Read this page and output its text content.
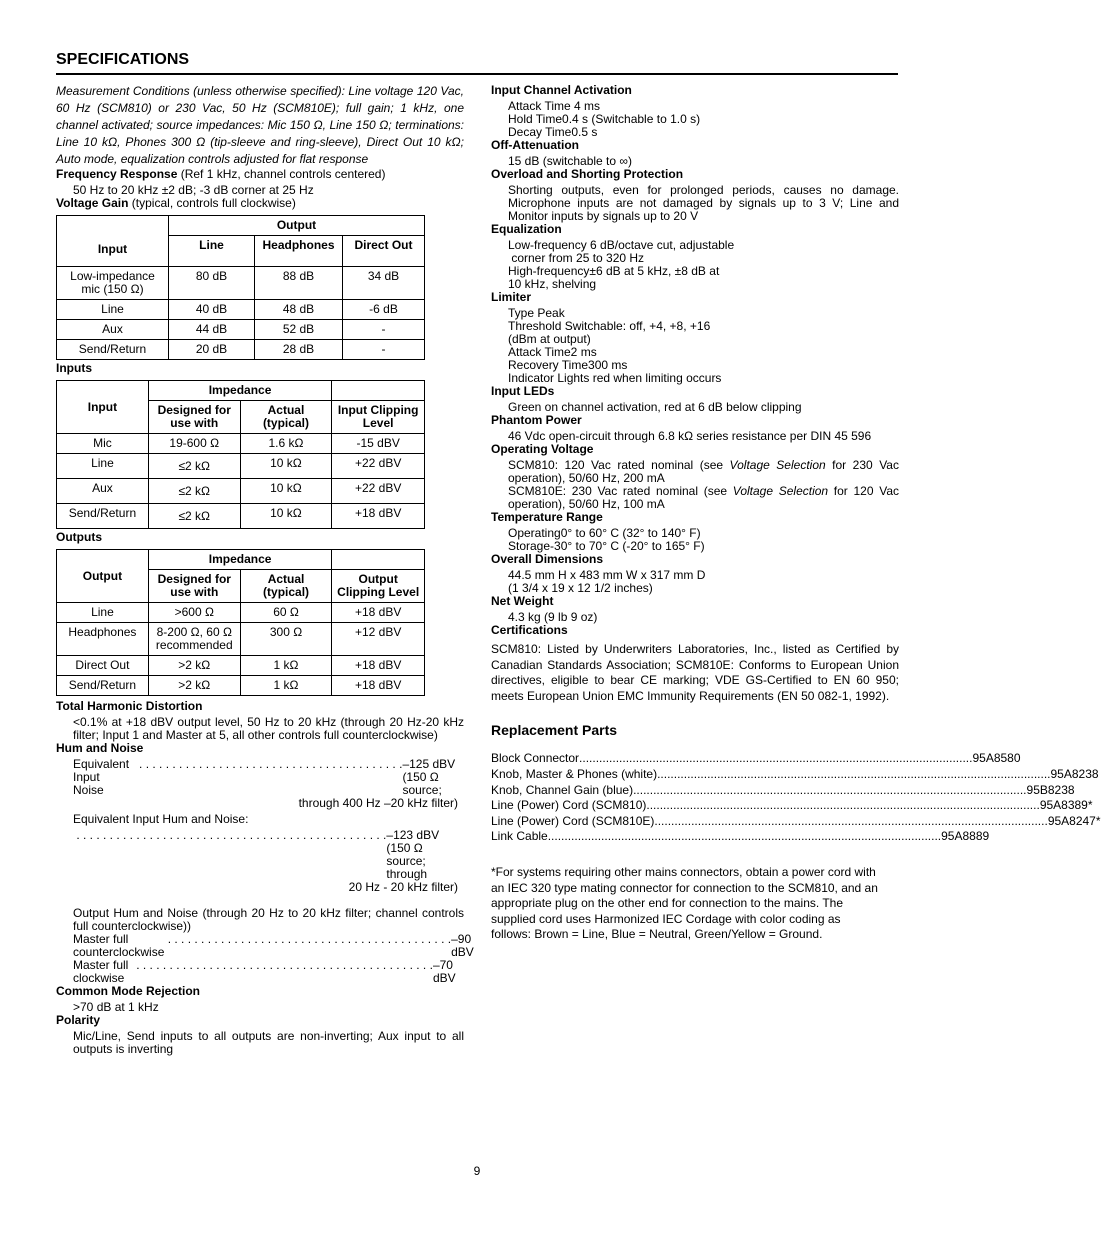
SPECIFICATIONS

Measurement Conditions (unless otherwise specified): Line voltage 120 Vac, 60 Hz (SCM810) or 230 Vac, 50 Hz (SCM810E); full gain; 1 kHz, one channel activated; source impedances: Mic 150 Ω, Line 150 Ω; terminations: Line 10 kΩ, Phones 300 Ω (tip-sleeve and ring-sleeve), Direct Out 10 kΩ; Auto mode, equalization controls adjusted for flat response

Frequency Response (Ref 1 kHz, channel controls centered)
50 Hz to 20 kHz ±2 dB; -3 dB corner at 25 Hz
Voltage Gain (typical, controls full clockwise)
Input	Output		
	Line	Headphones	Direct Out
Low-impedance mic (150 Ω)	80 dB	88 dB	34 dB
Line	40 dB	48 dB	-6 dB
Aux	44 dB	52 dB	-
Send/Return	20 dB	28 dB	-
Inputs
Input	Impedance		
	Designed for use with	Actual (typical)	Input Clipping Level
Mic	19-600 Ω	1.6 kΩ	-15 dBV
Line	≤2 kΩ	10 kΩ	+22 dBV
Aux	≤2 kΩ	10 kΩ	+22 dBV
Send/Return	≤2 kΩ	10 kΩ	+18 dBV
Outputs
Output	Impedance		
	Designed for use with	Actual (typical)	Output Clipping Level
Line	>600 Ω	60 Ω	+18 dBV
Headphones	8-200 Ω, 60 Ω recommended	300 Ω	+12 dBV
Direct Out	>2 kΩ	1 kΩ	+18 dBV
Send/Return	>2 kΩ	1 kΩ	+18 dBV
Total Harmonic Distortion
<0.1% at +18 dBV output level, 50 Hz to 20 kHz (through 20 Hz-20 kHz filter; Input 1 and Master at 5, all other controls full counterclockwise)
Hum and Noise
Equivalent Input Noise
. . . . . . . . . . . . . . . . . . . . . . . . . . . . . . . . . . . . . . . . –125 dBV (150 Ω source;
through 400 Hz –20 kHz filter)
Equivalent Input Hum and Noise:
. . . . . . . . . . . . . . . . . . . . . . . . . . . . . . . . . . . . . . . . . . . . . . . –123 dBV (150 Ω source; through
20 Hz - 20 kHz filter)
Output Hum and Noise (through 20 Hz to 20 kHz filter; channel controls full counterclockwise))
Master full counterclockwise
. . . . . . . . . . . . . . . . . . . . . . . . . . . . . . . . . . . . . . . . . . . –90 dBV
Master full clockwise
. . . . . . . . . . . . . . . . . . . . . . . . . . . . . . . . . . . . . . . . . . . . . –70 dBV
Common Mode Rejection
>70 dB at 1 kHz
Polarity
Mic/Line, Send inputs to all outputs are non-inverting; Aux input to all outputs is inverting
Input Channel Activation
Attack Time 4 ms
Hold Time0.4 s (Switchable to 1.0 s)
Decay Time0.5 s
Off-Attenuation
15 dB (switchable to ∞)
Overload and Shorting Protection
Shorting outputs, even for prolonged periods, causes no damage. Microphone inputs are not damaged by signals up to 3 V; Line and Monitor inputs by signals up to 20 V
Equalization
Low-frequency 6 dB/octave cut, adjustable
corner from 25 to 320 Hz
High-frequency±6 dB at 5 kHz, ±8 dB at
10 kHz, shelving
Limiter
Type Peak
Threshold Switchable: off, +4, +8, +16
(dBm at output)
Attack Time2 ms
Recovery Time300 ms
Indicator Lights red when limiting occurs
Input LEDs
Green on channel activation, red at 6 dB below clipping
Phantom Power
46 Vdc open-circuit through 6.8 kΩ series resistance per DIN 45 596
Operating Voltage
SCM810: 120 Vac rated nominal (see Voltage Selection for 230 Vac operation), 50/60 Hz, 200 mA
SCM810E: 230 Vac rated nominal (see Voltage Selection for 120 Vac operation), 50/60 Hz, 100 mA
Temperature Range
Operating0° to 60° C (32° to 140° F)
Storage-30° to 70° C (-20° to 165° F)
Overall Dimensions
44.5 mm H x 483 mm W x 317 mm D
(1 3/4 x 19 x 12 1/2 inches)
Net Weight
4.3 kg (9 lb 9 oz)
Certifications
SCM810: Listed by Underwriters Laboratories, Inc., listed as Certified by Canadian Standards Association; SCM810E: Conforms to European Union directives, eligible to bear CE marking; VDE GS-Certified to EN 60 950; meets European Union EMC Immunity Requirements (EN 50 082-1, 1992).
Replacement Parts
Block Connector ...................................................................................................................... 95A8580
Knob, Master & Phones (white) ...................................................................................................................... 95A8238
Knob, Channel Gain (blue) ...................................................................................................................... 95B8238
Line (Power) Cord (SCM810) ...................................................................................................................... 95A8389*
Line (Power) Cord (SCM810E) ...................................................................................................................... 95A8247*
Link Cable ...................................................................................................................... 95A8889
*For systems requiring other mains connectors, obtain a power cord with an IEC 320 type mating connector for connection to the SCM810, and an appropriate plug on the other end for connection to the mains. The supplied cord uses Harmonized IEC Cordage with color coding as follows: Brown = Line, Blue = Neutral, Green/Yellow = Ground.
9
